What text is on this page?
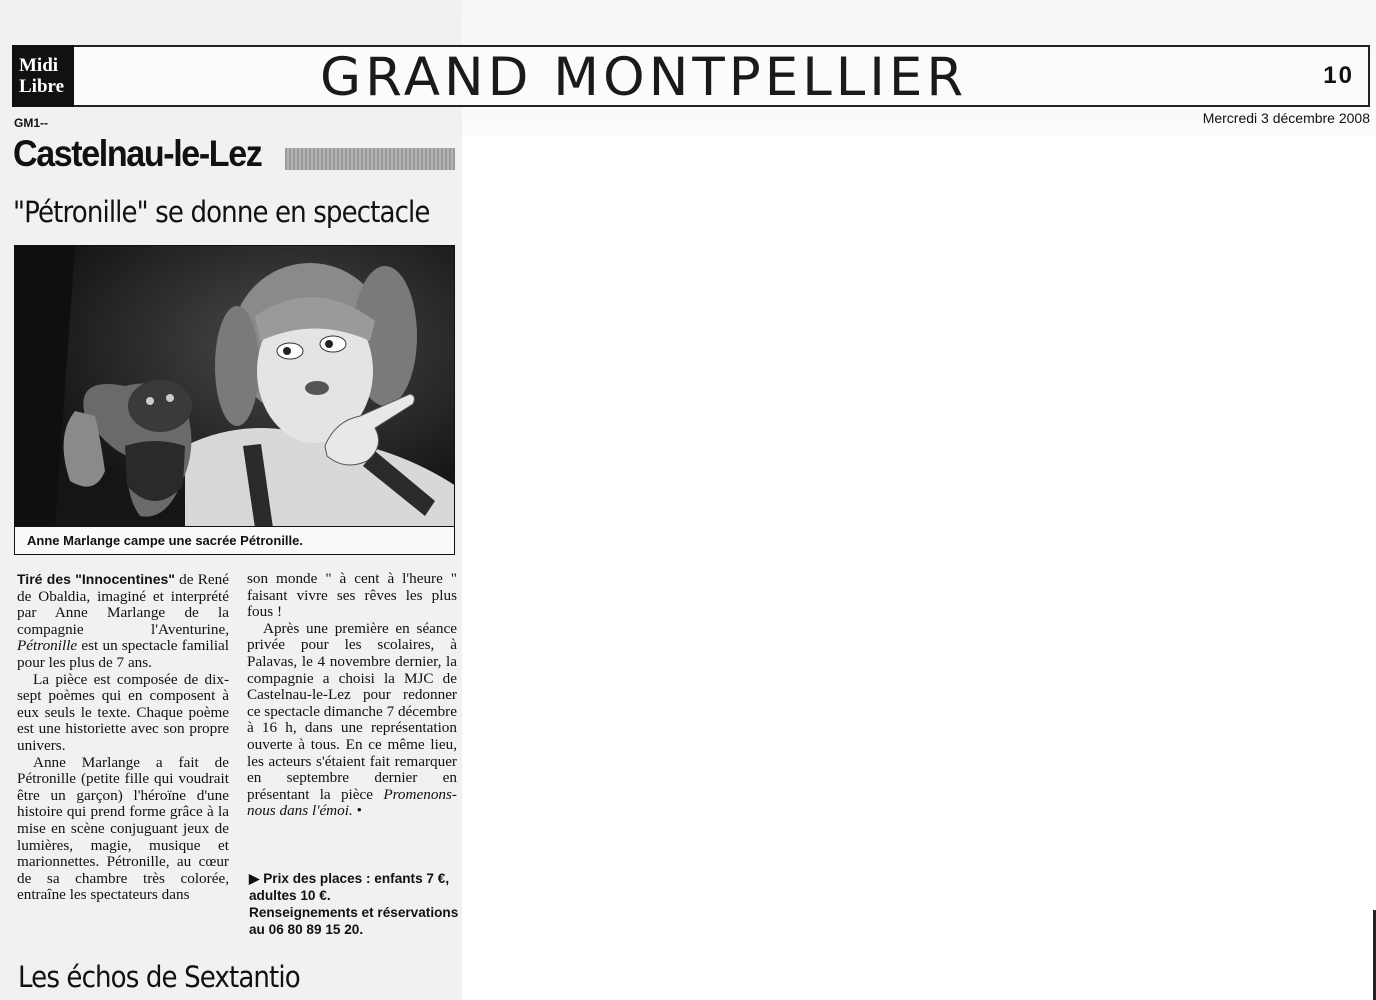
Midi
Libre	GRAND MONTPELLIER	10
GM1--	Mercredi 3 décembre 2008
Castelnau-le-Lez
"Pétronille" se donne en spectacle
Anne Marlange campe une sacrée Pétronille.

Tiré des "Innocentines" de René de Obaldia, imaginé et interprété par Anne Marlange de la compagnie l'Aventurine, Pétronille est un spectacle familial pour les plus de 7 ans.

La pièce est composée de dix-sept poèmes qui en composent à eux seuls le texte. Chaque poème est une historiette avec son propre univers.

Anne Marlange a fait de Pétronille (petite fille qui voudrait être un garçon) l'héroïne d'une histoire qui prend forme grâce à la mise en scène conjuguant jeux de lumières, magie, musique et marionnettes. Pétronille, au cœur de sa chambre très colorée, entraîne les spectateurs dans

son monde " à cent à l'heure " faisant vivre ses rêves les plus fous !

Après une première en séance privée pour les scolaires, à Palavas, le 4 novembre dernier, la compagnie a choisi la MJC de Castelnau-le-Lez pour redonner ce spectacle dimanche 7 décembre à 16 h, dans une représentation ouverte à tous. En ce même lieu, les acteurs s'étaient fait remarquer en septembre dernier en présentant la pièce Promenons-nous dans l'émoi. •

▶ Prix des places : enfants 7 €, adultes 10 €.
Renseignements et réservations au 06 80 89 15 20.
Les échos de Sextantio
